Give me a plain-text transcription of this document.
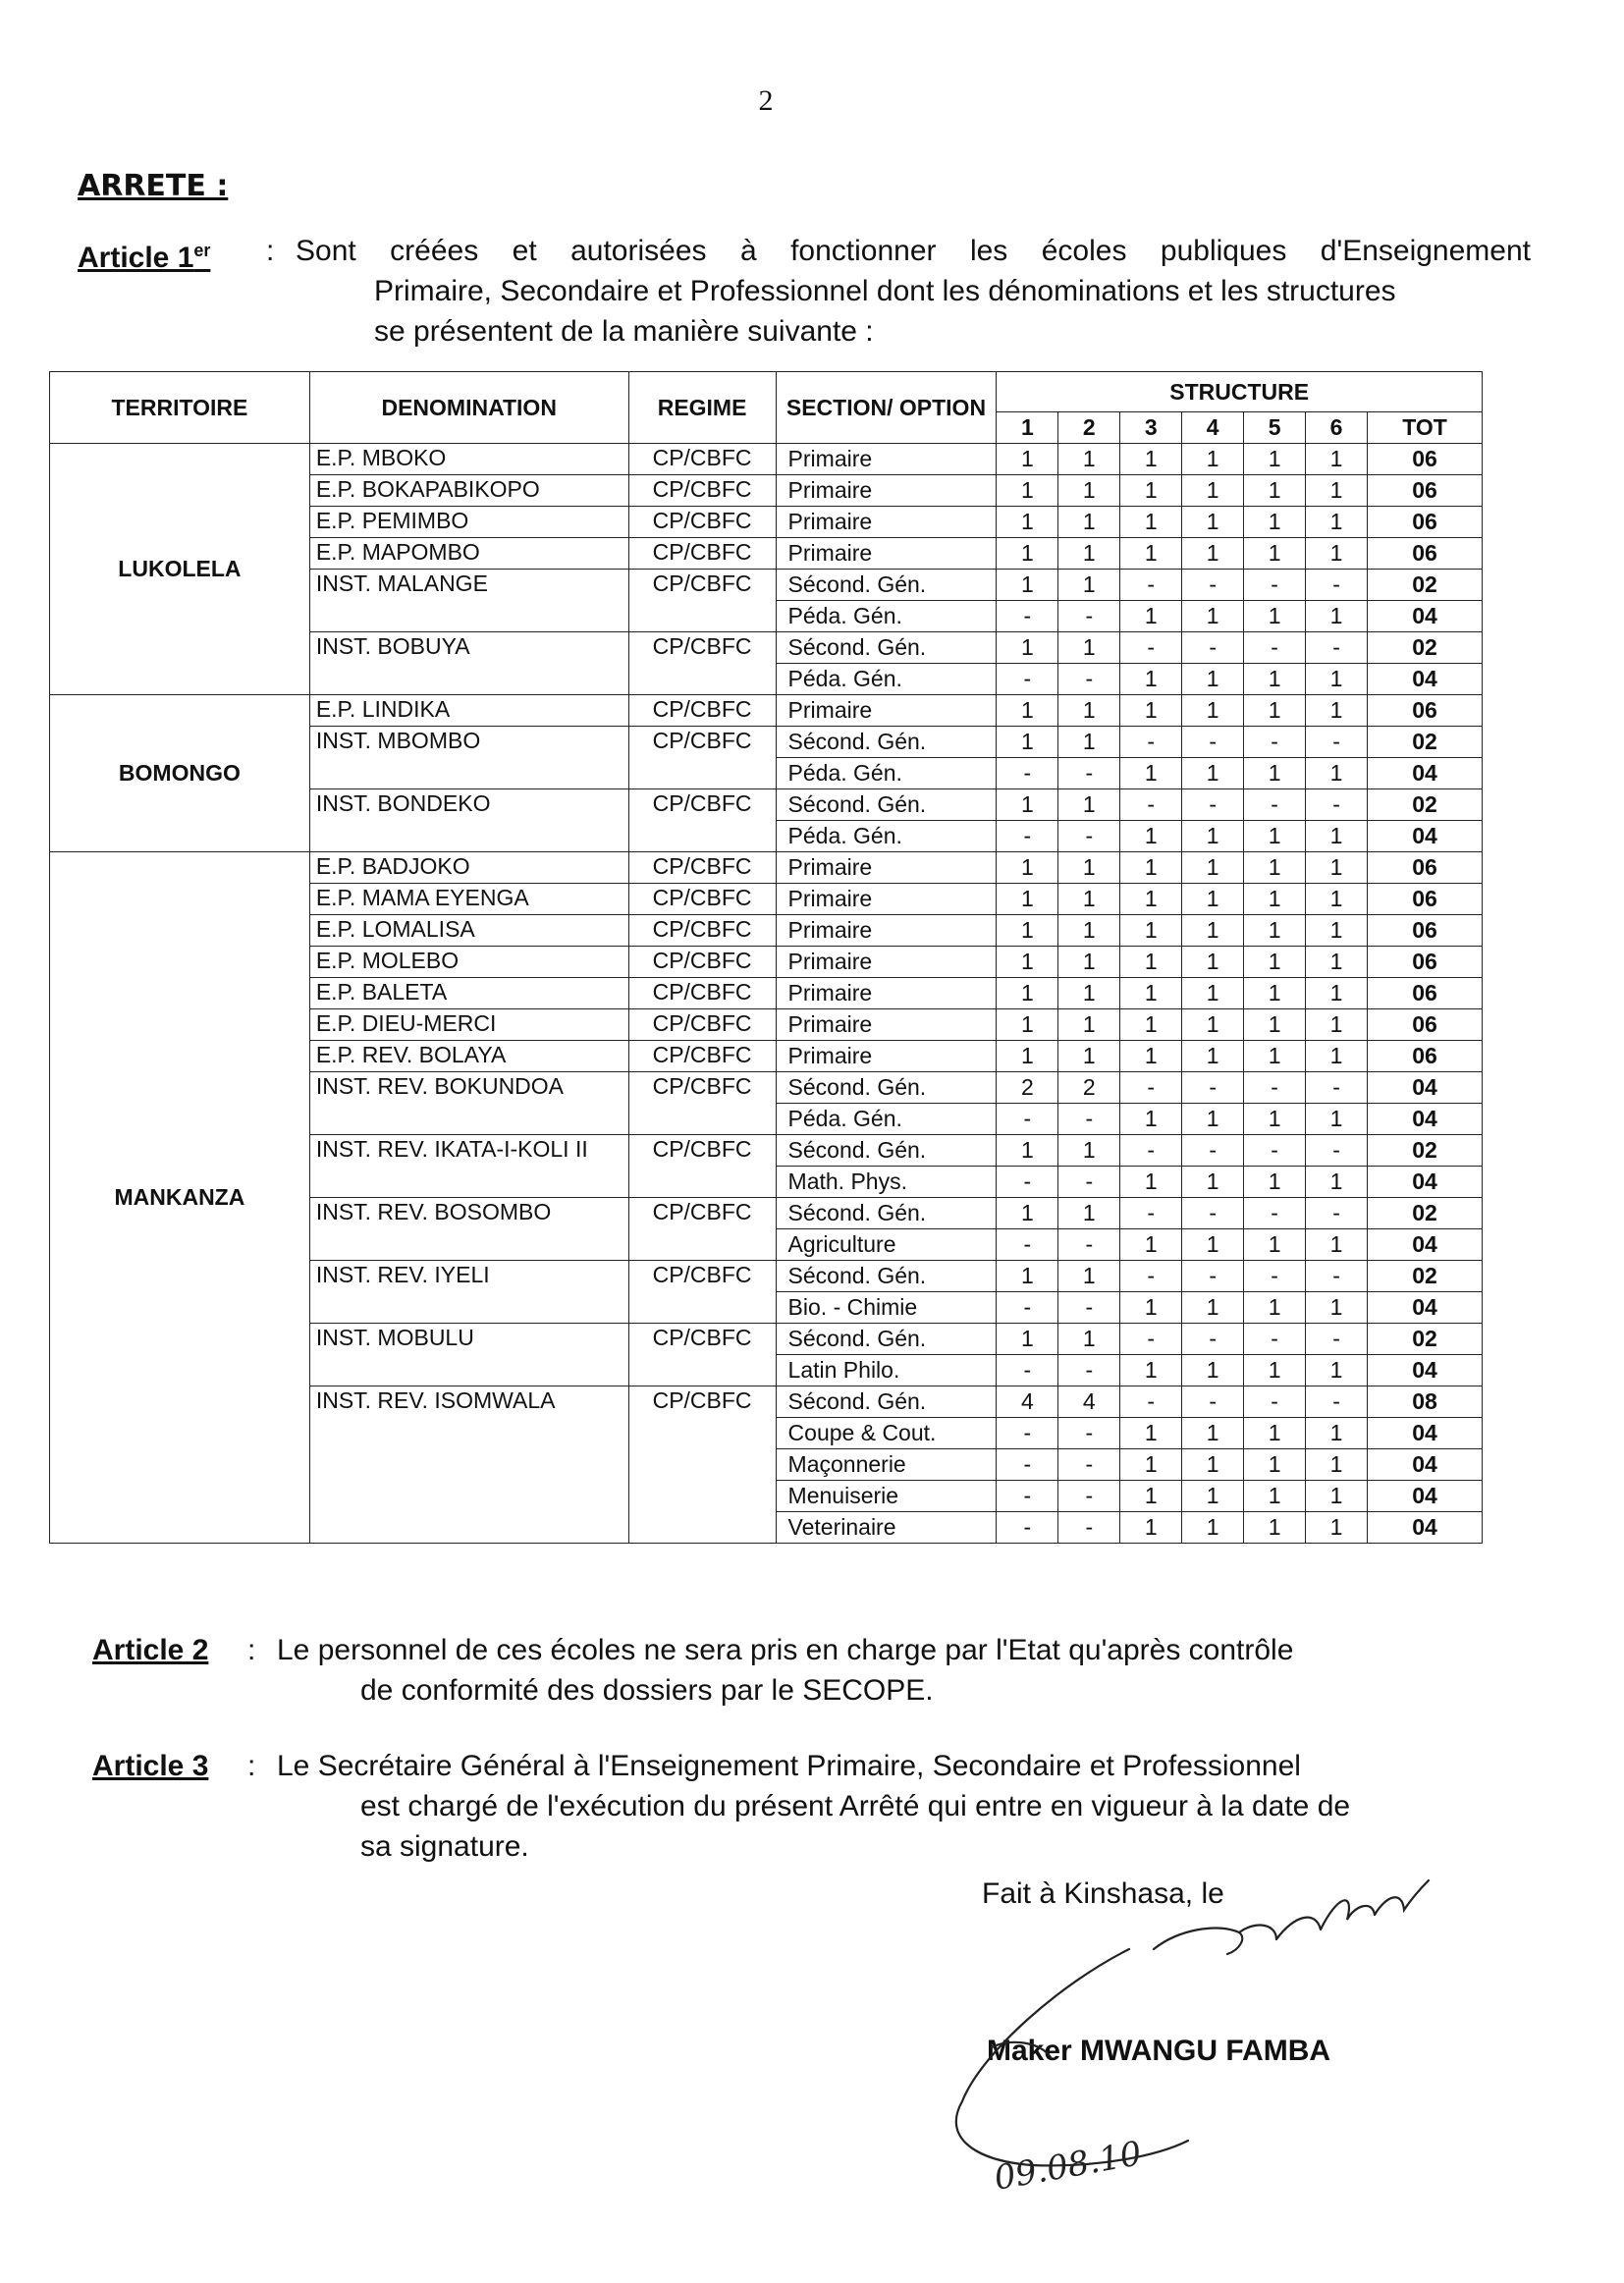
2
ARRETE :
Article 1er : Sont créées et autorisées à fonctionner les écoles publiques d'Enseignement

Primaire, Secondaire et Professionnel dont les dénominations et les structures

se présentent de la manière suivante :

TERRITOIRE	DENOMINATION	REGIME	SECTION/ OPTION	STRUCTURE						
				1	2	3	4	5	6	TOT
LUKOLELA	E.P. MBOKO	CP/CBFC	Primaire	1	1	1	1	1	1	06
	E.P. BOKAPABIKOPO	CP/CBFC	Primaire	1	1	1	1	1	1	06
	E.P. PEMIMBO	CP/CBFC	Primaire	1	1	1	1	1	1	06
	E.P. MAPOMBO	CP/CBFC	Primaire	1	1	1	1	1	1	06
	INST. MALANGE	CP/CBFC	Sécond. Gén.	1	1	-	-	-	-	02
			Péda. Gén.	-	-	1	1	1	1	04
	INST. BOBUYA	CP/CBFC	Sécond. Gén.	1	1	-	-	-	-	02
			Péda. Gén.	-	-	1	1	1	1	04
BOMONGO	E.P. LINDIKA	CP/CBFC	Primaire	1	1	1	1	1	1	06
	INST. MBOMBO	CP/CBFC	Sécond. Gén.	1	1	-	-	-	-	02
			Péda. Gén.	-	-	1	1	1	1	04
	INST. BONDEKO	CP/CBFC	Sécond. Gén.	1	1	-	-	-	-	02
			Péda. Gén.	-	-	1	1	1	1	04
MANKANZA	E.P. BADJOKO	CP/CBFC	Primaire	1	1	1	1	1	1	06
	E.P. MAMA EYENGA	CP/CBFC	Primaire	1	1	1	1	1	1	06
	E.P. LOMALISA	CP/CBFC	Primaire	1	1	1	1	1	1	06
	E.P. MOLEBO	CP/CBFC	Primaire	1	1	1	1	1	1	06
	E.P. BALETA	CP/CBFC	Primaire	1	1	1	1	1	1	06
	E.P. DIEU-MERCI	CP/CBFC	Primaire	1	1	1	1	1	1	06
	E.P. REV. BOLAYA	CP/CBFC	Primaire	1	1	1	1	1	1	06
	INST. REV. BOKUNDOA	CP/CBFC	Sécond. Gén.	2	2	-	-	-	-	04
			Péda. Gén.	-	-	1	1	1	1	04
	INST. REV. IKATA-I-KOLI II	CP/CBFC	Sécond. Gén.	1	1	-	-	-	-	02
			Math. Phys.	-	-	1	1	1	1	04
	INST. REV. BOSOMBO	CP/CBFC	Sécond. Gén.	1	1	-	-	-	-	02
			Agriculture	-	-	1	1	1	1	04
	INST. REV. IYELI	CP/CBFC	Sécond. Gén.	1	1	-	-	-	-	02
			Bio. - Chimie	-	-	1	1	1	1	04
	INST. MOBULU	CP/CBFC	Sécond. Gén.	1	1	-	-	-	-	02
			Latin Philo.	-	-	1	1	1	1	04
	INST. REV. ISOMWALA	CP/CBFC	Sécond. Gén.	4	4	-	-	-	-	08
			Coupe & Cout.	-	-	1	1	1	1	04
			Maçonnerie	-	-	1	1	1	1	04
			Menuiserie	-	-	1	1	1	1	04
			Veterinaire	-	-	1	1	1	1	04
Article 2 : Le personnel de ces écoles ne sera pris en charge par l'Etat qu'après contrôle

de conformité des dossiers par le SECOPE.

Article 3 : Le Secrétaire Général à l'Enseignement Primaire, Secondaire et Professionnel

est chargé de l'exécution du présent Arrêté qui entre en vigueur à la date de

sa signature.

Fait à Kinshasa, le
Maker MWANGU FAMBA
09.08.10
